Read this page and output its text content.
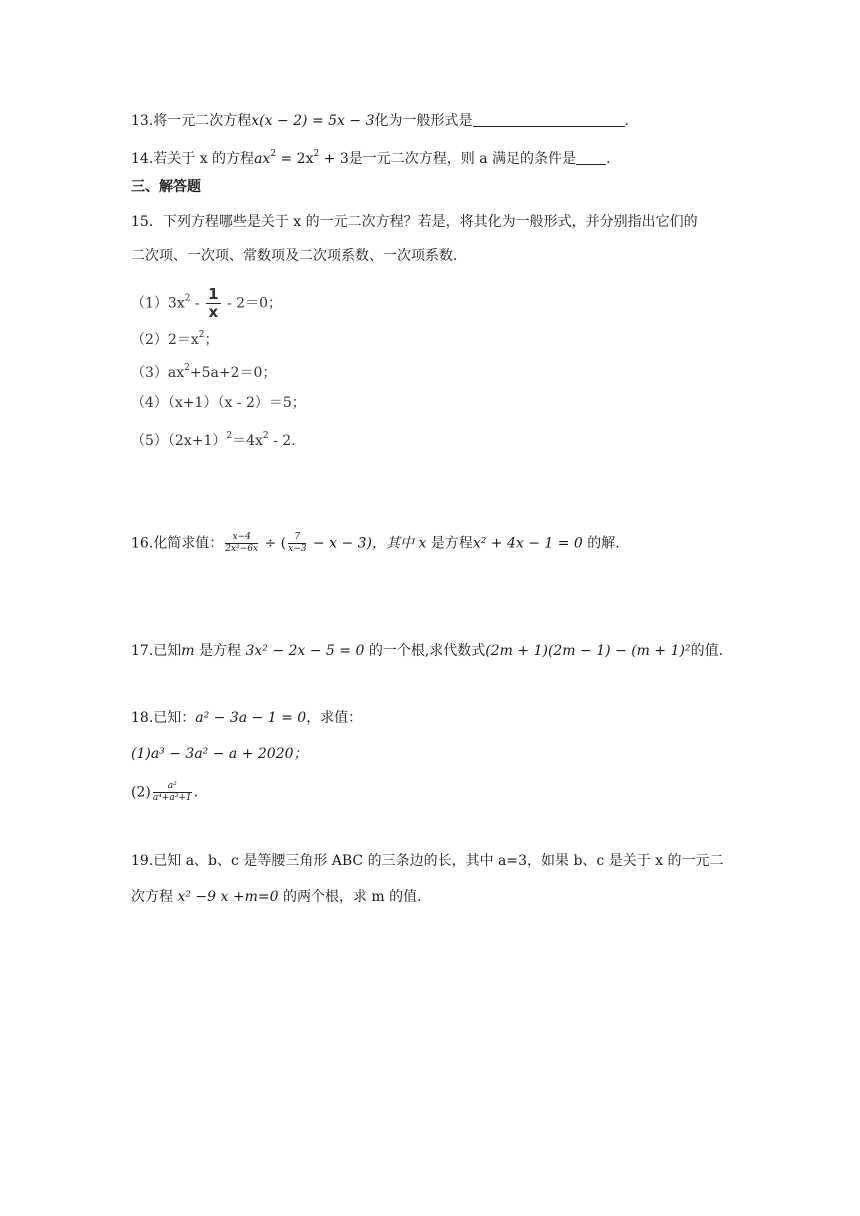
13.将一元二次方程x(x − 2) = 5x − 3化为一般形式是	.
14.若关于 x 的方程$ax^2 = 2x^2 + 3$是一元二次方程，则 a 满足的条件是 .
三、解答题
15．下列方程哪些是关于 x 的一元二次方程？若是，将其化为一般形式，并分别指出它们的
二次项、一次项、常数项及二次项系数、一次项系数.
$(1)3x^2 - \frac{1}{x} - 2=0$；
$(2)2=x^2$；
$(3)ax^2+5a+2=0$；
（4）（x+1）（x - 2）＝5；
$(5)(2x+1)^2=4x^2 - 2$.
16.化简求值： $\frac{x-4}{\text{2x²−6x}}$ ÷ ( $\frac{7}{x-3} - x - 3$)，其中 x 是方程x² + 4x − 1 = 0 的解.
17.已知m 是方程 3x² − 2x − 5 = 0 的一个根,求代数式(2m + 1)(2m − 1) − (m + 1)²的值.
18.已知：a² − 3a − 1 = 0，求值：
(1)a³ − 3a² − a + 2020；
$(2) \frac{\text{a²}}{\text{a⁴+a²+1}}$ .
19.已知 a、b、c 是等腰三角形 ABC 的三条边的长，其中 a=3，如果 b、c 是关于 x 的一元二
次方程 x² −9 x +m=0 的两个根，求 m 的值.
